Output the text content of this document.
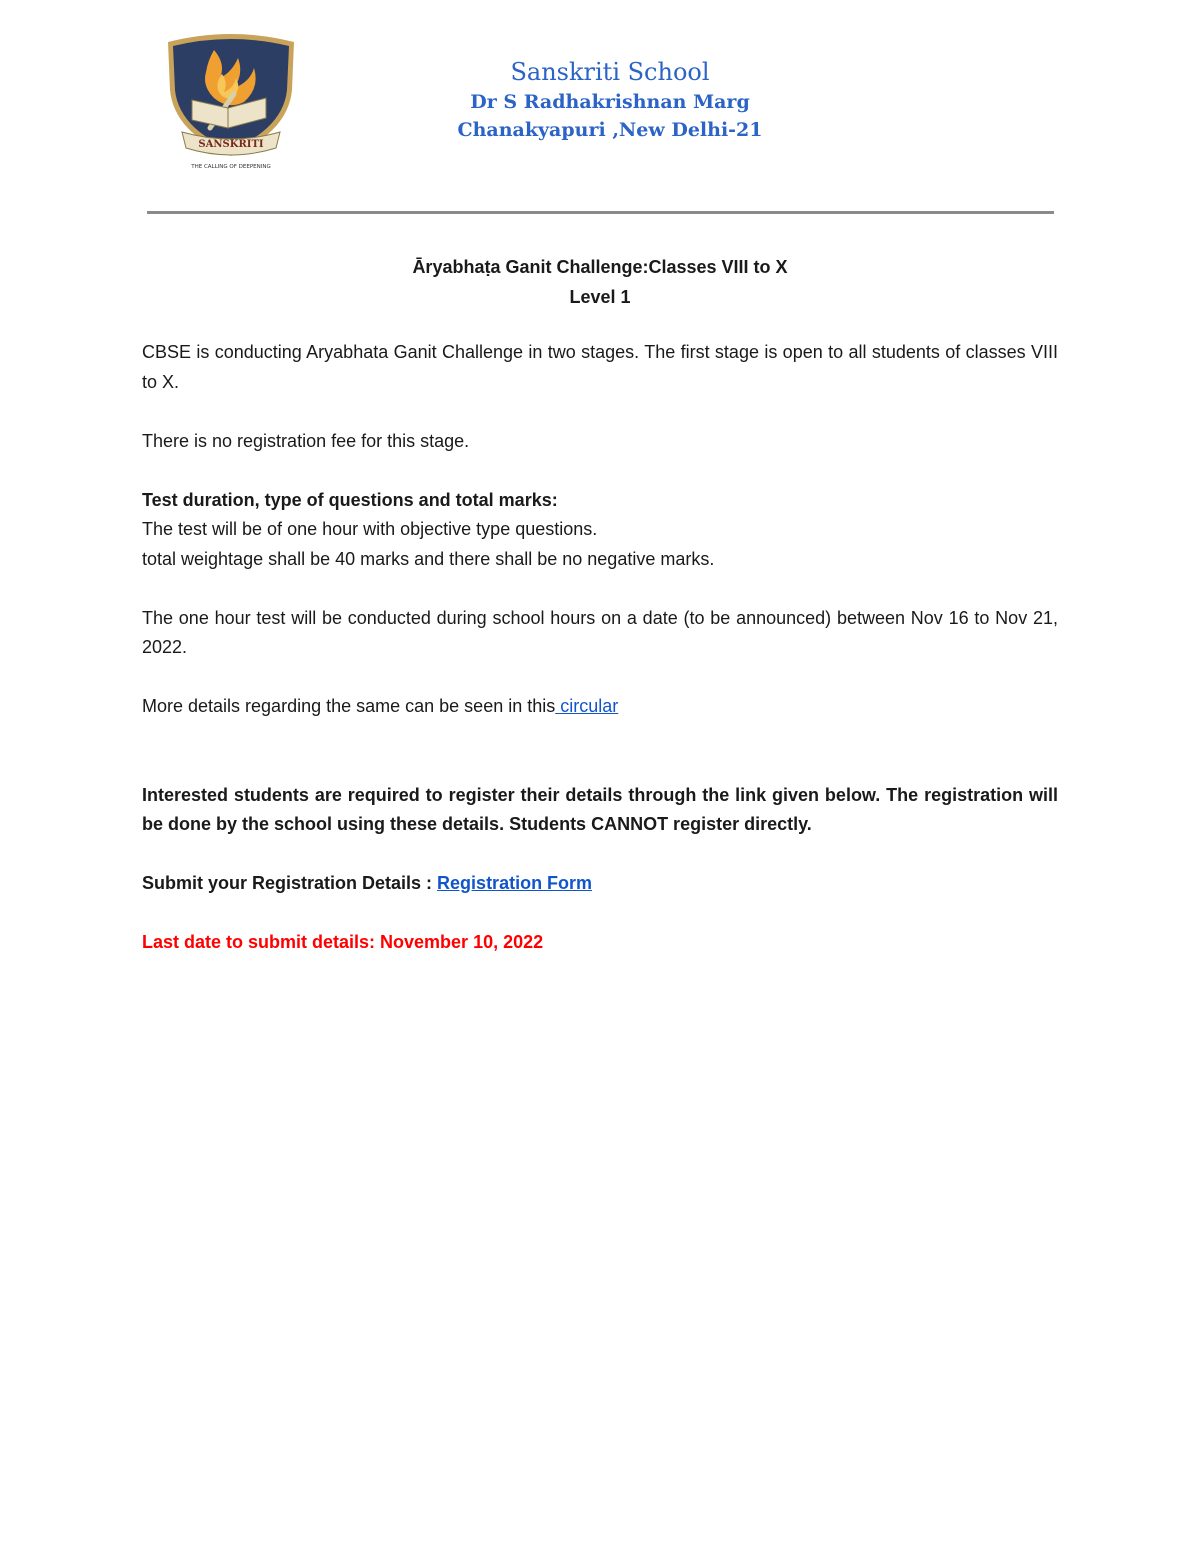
SANSKRITI
THE CALLING OF DEEPENING
Sanskriti School
Dr S Radhakrishnan Marg
Chanakyapuri ,New Delhi-21
Āryabhaṭa Ganit Challenge:Classes VIII to X
Level 1

CBSE is conducting Aryabhata Ganit Challenge in two stages. The first stage is open to all students of classes VIII to X.

There is no registration fee for this stage.

Test duration, type of questions and total marks:

The test will be of one hour with objective type questions.

total weightage shall be 40 marks and there shall be no negative marks.

The one hour test will be conducted during school hours on a date (to be announced) between Nov 16 to Nov 21, 2022.

More details regarding the same can be seen in this circular

Interested students are required to register their details through the link given below. The registration will be done by the school using these details. Students CANNOT register directly.

Submit your Registration Details : Registration Form

Last date to submit details: November 10, 2022
